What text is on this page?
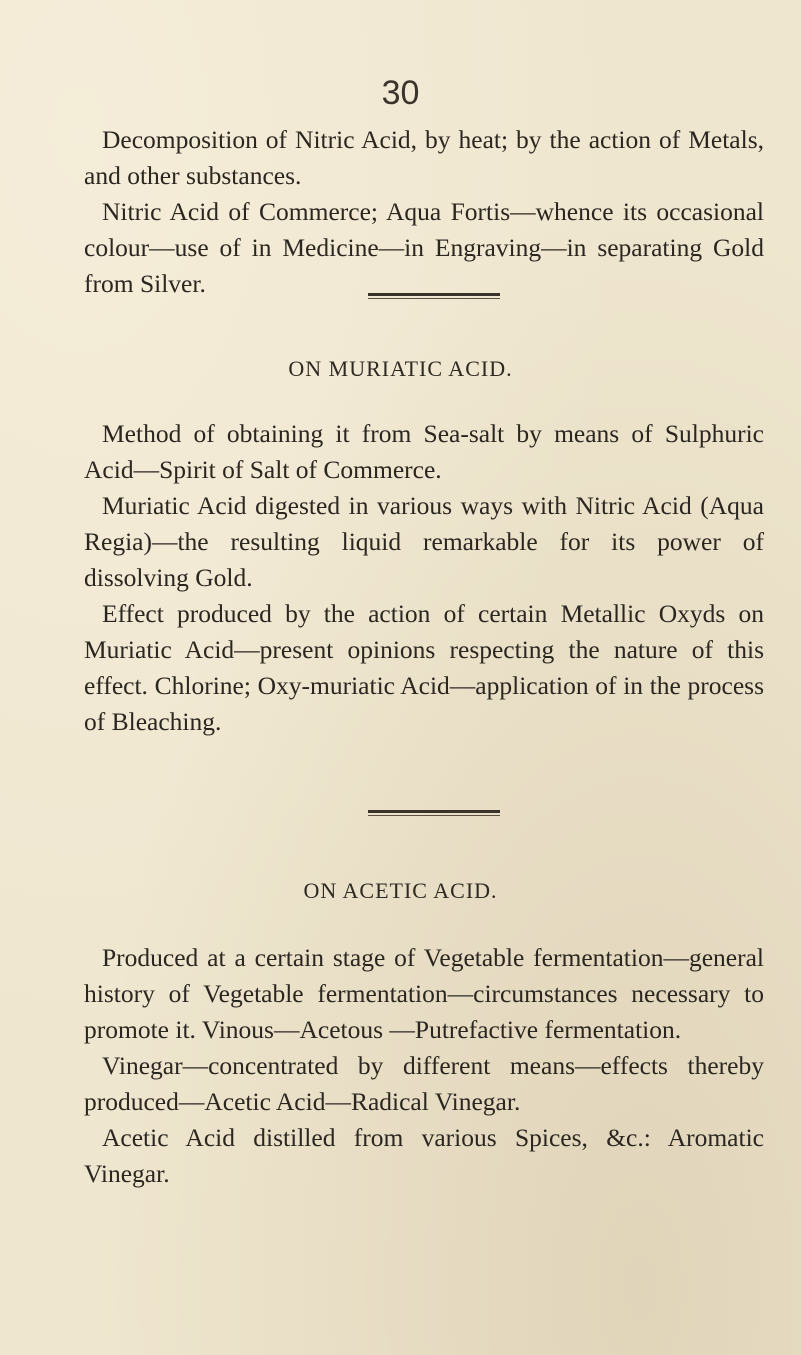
30

Decomposition of Nitric Acid, by heat; by the action of Metals, and other substances.

Nitric Acid of Commerce; Aqua Fortis—whence its occasional colour—use of in Medicine—in Engraving—in separating Gold from Silver.

ON MURIATIC ACID.

Method of obtaining it from Sea-salt by means of Sulphuric Acid—Spirit of Salt of Commerce.

Muriatic Acid digested in various ways with Nitric Acid (Aqua Regia)—the resulting liquid remarkable for its power of dissolving Gold.

Effect produced by the action of certain Metallic Oxyds on Muriatic Acid—present opinions respecting the nature of this effect. Chlorine; Oxy-muriatic Acid—application of in the process of Bleaching.

ON ACETIC ACID.

Produced at a certain stage of Vegetable fermentation—general history of Vegetable fermentation—circumstances necessary to promote it. Vinous—Acetous —Putrefactive fermentation.

Vinegar—concentrated by different means—effects thereby produced—Acetic Acid—Radical Vinegar.

Acetic Acid distilled from various Spices, &c.: Aromatic Vinegar.
